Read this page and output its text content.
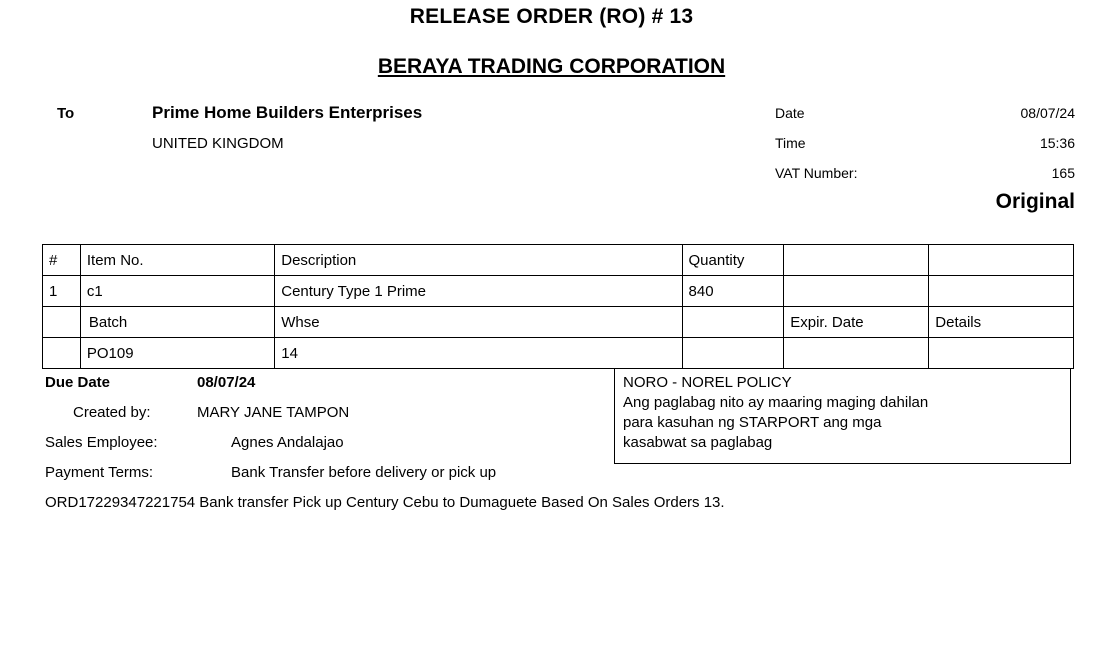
RELEASE ORDER (RO) # 13
BERAYA TRADING CORPORATION
To	Prime Home Builders Enterprises
UNITED KINGDOM
Date	08/07/24
Time	15:36
VAT Number:	165
Original
#	Item No.	Description	Quantity		
1	c1	Century Type 1 Prime	840		
	Batch	Whse		Expir. Date	Details
	PO109	14			
Due Date	08/07/24
Created by:	MARY JANE TAMPON
Sales Employee:	Agnes Andalajao
Payment Terms:	Bank Transfer before delivery or pick up
ORD17229347221754 Bank transfer Pick up Century Cebu to Dumaguete Based On Sales Orders 13.
NORO - NOREL POLICY
Ang paglabag nito ay maaring maging dahilan
para kasuhan ng STARPORT ang mga
kasabwat sa paglabag
